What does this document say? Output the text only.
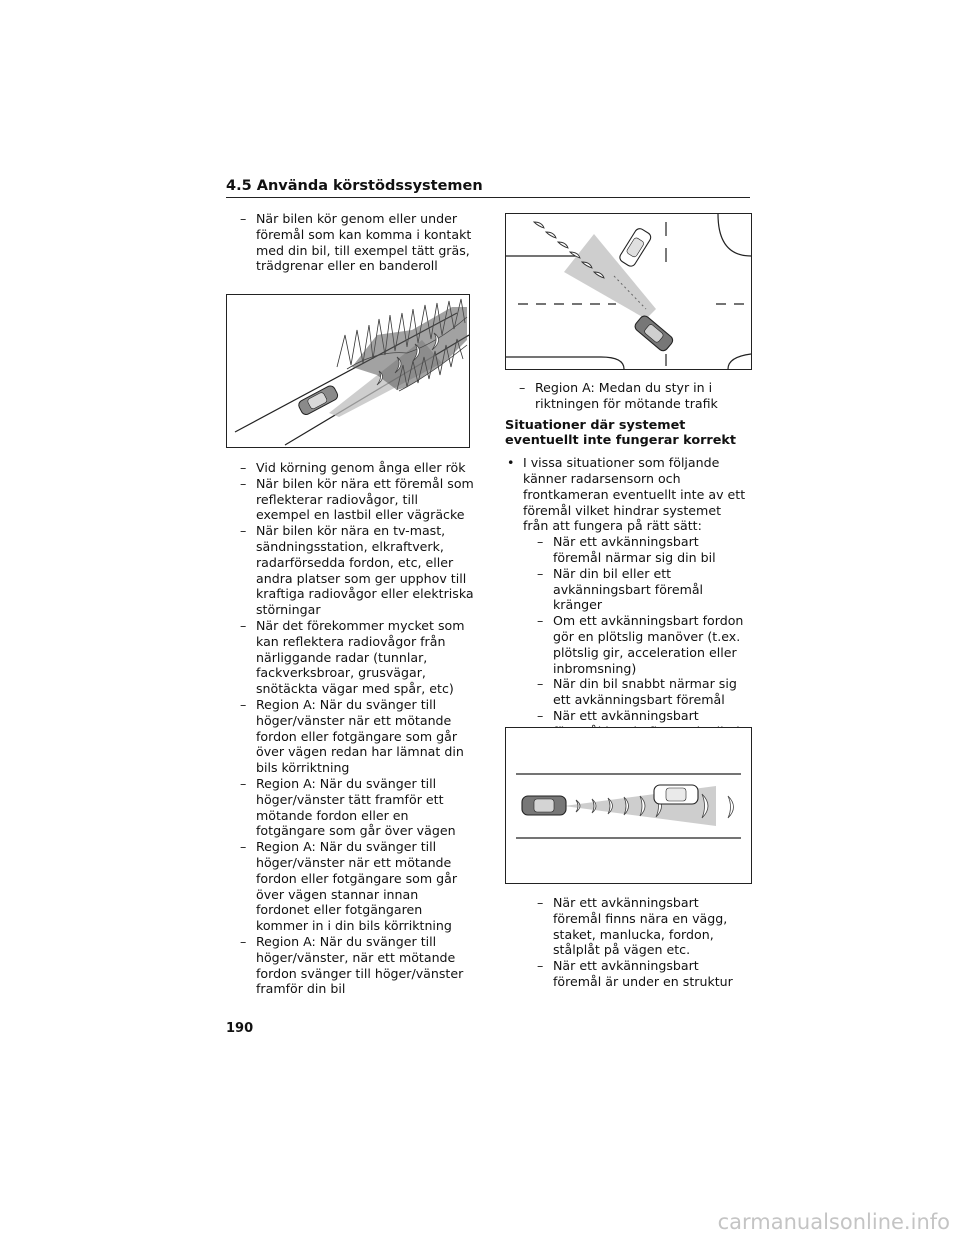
4.5 Använda körstödssystemen
– När bilen kör genom eller under föremål som kan komma i kontakt med din bil, till exempel tätt gräs, trädgrenar eller en banderoll
– Vid körning genom ånga eller rök
– När bilen kör nära ett föremål som reflekterar radiovågor, till exempel en lastbil eller vägräcke
– När bilen kör nära en tv-mast, sändningsstation, elkraftverk, radarförsedda fordon, etc, eller andra platser som ger upphov till kraftiga radiovågor eller elektriska störningar
– När det förekommer mycket som kan reflektera radiovågor från närliggande radar (tunnlar, fackverksbroar, grusvägar, snötäckta vägar med spår, etc)
– Region A: När du svänger till höger/vänster när ett mötande fordon eller fotgängare som går över vägen redan har lämnat din bils körriktning
– Region A: När du svänger till höger/vänster tätt framför ett mötande fordon eller en fotgängare som går över vägen
– Region A: När du svänger till höger/vänster när ett mötande fordon eller fotgängare som går över vägen stannar innan fordonet eller fotgängaren kommer in i din bils körriktning
– Region A: När du svänger till höger/vänster, när ett mötande fordon svänger till höger/vänster framför din bil
– Region A: Medan du styr in i riktningen för mötande trafik
Situationer där systemet eventuellt inte fungerar korrekt
• I vissa situationer som följande känner radarsensorn och frontkameran eventuellt inte av ett föremål vilket hindrar systemet från att fungera på rätt sätt:
– När ett avkänningsbart föremål närmar sig din bil
– När din bil eller ett avkänningsbart föremål kränger
– Om ett avkänningsbart fordon gör en plötslig manöver (t.ex. plötslig gir, acceleration eller inbromsning)
– När din bil snabbt närmar sig ett avkänningsbart föremål
– När ett avkänningsbart
– När ett avkänningsbart föremål finns nära en vägg, staket, manlucka, fordon, stålplåt på vägen etc.
– När ett avkänningsbart föremål är under en struktur
190
carmanualsonline.info
